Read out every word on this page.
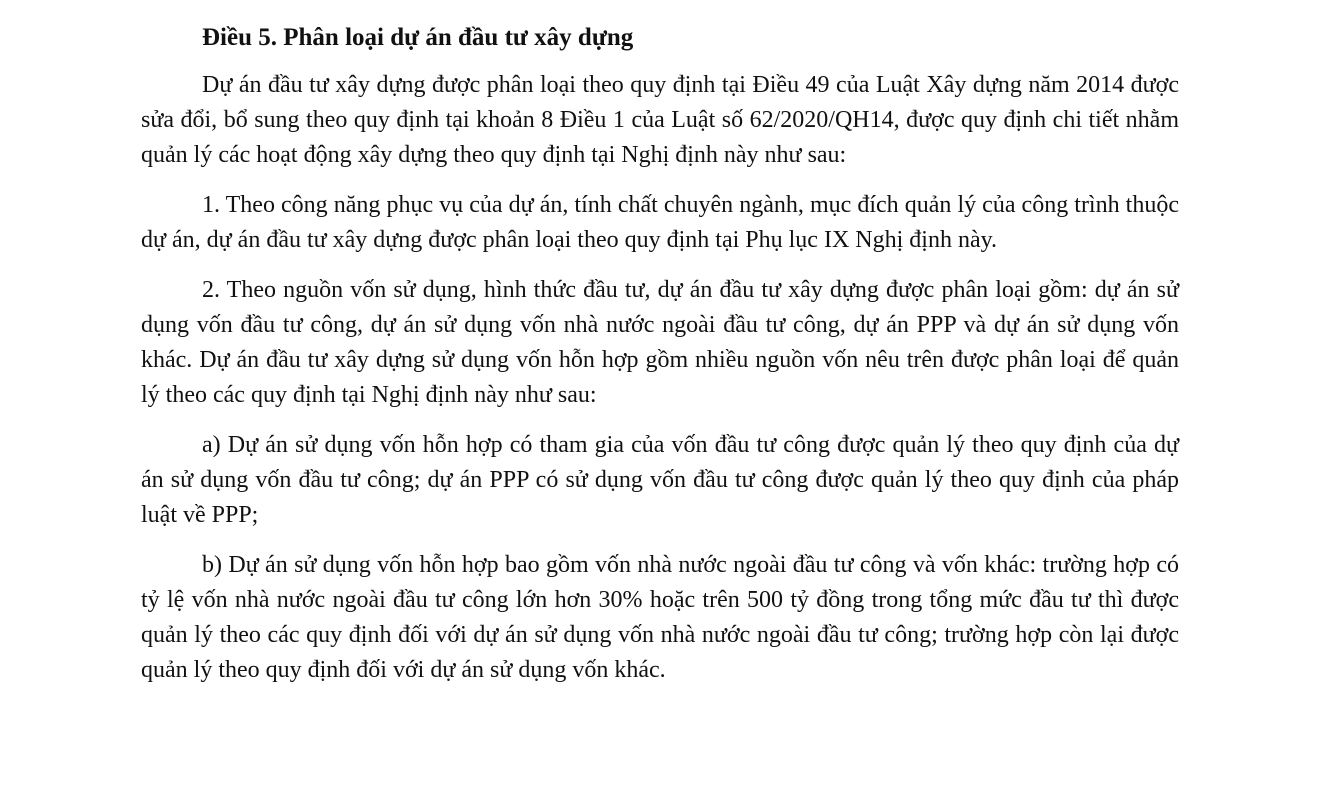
Điều 5. Phân loại dự án đầu tư xây dựng

Dự án đầu tư xây dựng được phân loại theo quy định tại Điều 49 của Luật Xây dựng năm 2014 được sửa đổi, bổ sung theo quy định tại khoản 8 Điều 1 của Luật số 62/2020/QH14, được quy định chi tiết nhằm quản lý các hoạt động xây dựng theo quy định tại Nghị định này như sau:

1. Theo công năng phục vụ của dự án, tính chất chuyên ngành, mục đích quản lý của công trình thuộc dự án, dự án đầu tư xây dựng được phân loại theo quy định tại Phụ lục IX Nghị định này.

2. Theo nguồn vốn sử dụng, hình thức đầu tư, dự án đầu tư xây dựng được phân loại gồm: dự án sử dụng vốn đầu tư công, dự án sử dụng vốn nhà nước ngoài đầu tư công, dự án PPP và dự án sử dụng vốn khác. Dự án đầu tư xây dựng sử dụng vốn hỗn hợp gồm nhiều nguồn vốn nêu trên được phân loại để quản lý theo các quy định tại Nghị định này như sau:

a) Dự án sử dụng vốn hỗn hợp có tham gia của vốn đầu tư công được quản lý theo quy định của dự án sử dụng vốn đầu tư công; dự án PPP có sử dụng vốn đầu tư công được quản lý theo quy định của pháp luật về PPP;

b) Dự án sử dụng vốn hỗn hợp bao gồm vốn nhà nước ngoài đầu tư công và vốn khác: trường hợp có tỷ lệ vốn nhà nước ngoài đầu tư công lớn hơn 30% hoặc trên 500 tỷ đồng trong tổng mức đầu tư thì được quản lý theo các quy định đối với dự án sử dụng vốn nhà nước ngoài đầu tư công; trường hợp còn lại được quản lý theo quy định đối với dự án sử dụng vốn khác.
